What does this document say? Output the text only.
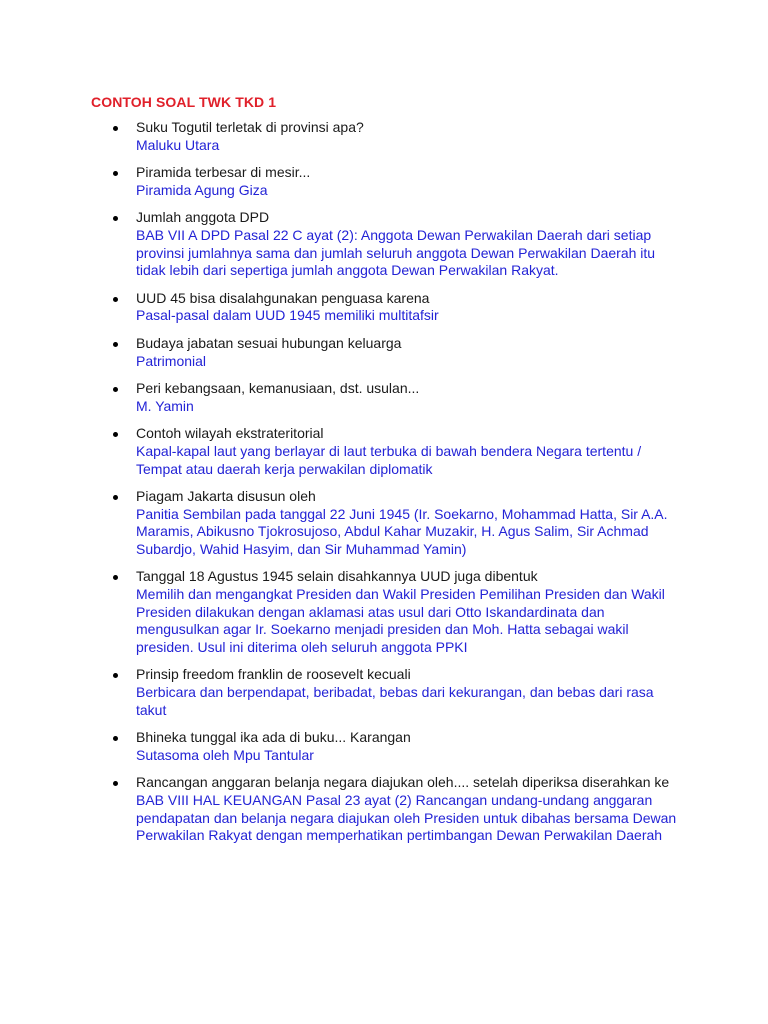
CONTOH SOAL TWK TKD 1
Suku Togutil terletak di provinsi apa?
Maluku Utara
Piramida terbesar di mesir...
Piramida Agung Giza
Jumlah anggota DPD
BAB VII A DPD Pasal 22 C ayat (2): Anggota Dewan Perwakilan Daerah dari setiap provinsi jumlahnya sama dan jumlah seluruh anggota Dewan Perwakilan Daerah itu tidak lebih dari sepertiga jumlah anggota Dewan Perwakilan Rakyat.
UUD 45 bisa disalahgunakan penguasa karena
Pasal-pasal dalam UUD 1945 memiliki multitafsir
Budaya jabatan sesuai hubungan keluarga
Patrimonial
Peri kebangsaan, kemanusiaan, dst. usulan...
M. Yamin
Contoh wilayah ekstrateritorial
Kapal-kapal laut yang berlayar di laut terbuka di bawah bendera Negara tertentu / Tempat atau daerah kerja perwakilan diplomatik
Piagam Jakarta disusun oleh
Panitia Sembilan pada tanggal 22 Juni 1945 (Ir. Soekarno, Mohammad Hatta, Sir A.A. Maramis, Abikusno Tjokrosujoso, Abdul Kahar Muzakir, H. Agus Salim, Sir Achmad Subardjo, Wahid Hasyim, dan Sir Muhammad Yamin)
Tanggal 18 Agustus 1945 selain disahkannya UUD juga dibentuk
Memilih dan mengangkat Presiden dan Wakil Presiden Pemilihan Presiden dan Wakil Presiden dilakukan dengan aklamasi atas usul dari Otto Iskandardinata dan mengusulkan agar Ir. Soekarno menjadi presiden dan Moh. Hatta sebagai wakil presiden. Usul ini diterima oleh seluruh anggota PPKI
Prinsip freedom franklin de roosevelt kecuali
Berbicara dan berpendapat, beribadat, bebas dari kekurangan, dan bebas dari rasa takut
Bhineka tunggal ika ada di buku... Karangan
Sutasoma oleh Mpu Tantular
Rancangan anggaran belanja negara diajukan oleh.... setelah diperiksa diserahkan ke
BAB VIII HAL KEUANGAN Pasal 23 ayat (2) Rancangan undang-undang anggaran pendapatan dan belanja negara diajukan oleh Presiden untuk dibahas bersama Dewan Perwakilan Rakyat dengan memperhatikan pertimbangan Dewan Perwakilan Daerah
